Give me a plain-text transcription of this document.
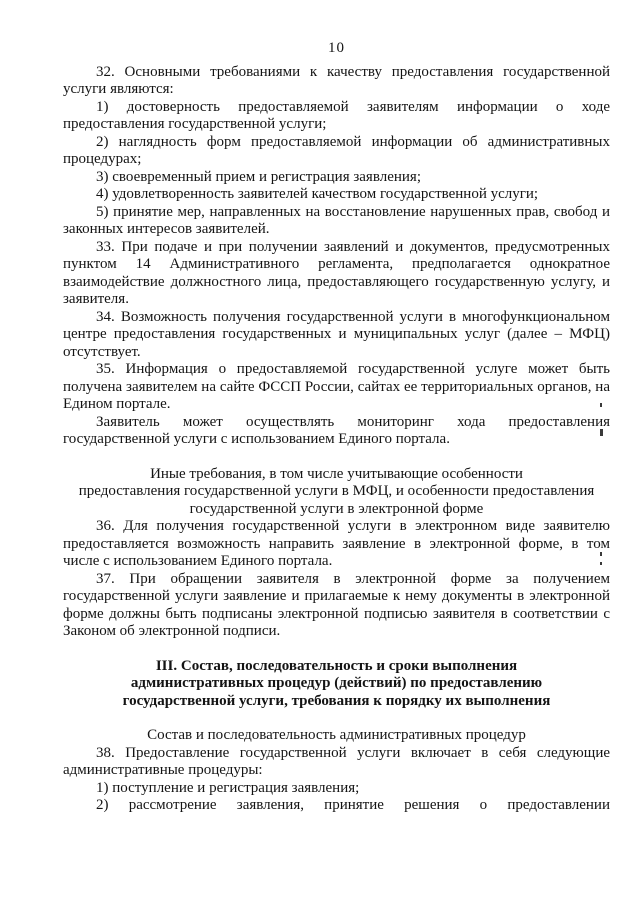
10

32. Основными требованиями к качеству предоставления государственной услуги являются:

1) достоверность предоставляемой заявителям информации о ходе предоставления государственной услуги;

2) наглядность форм предоставляемой информации об административных процедурах;

3) своевременный прием и регистрация заявления;

4) удовлетворенность заявителей качеством государственной услуги;

5) принятие мер, направленных на восстановление нарушенных прав, свобод и законных интересов заявителей.

33. При подаче и при получении заявлений и документов, предусмотренных пунктом 14 Административного регламента, предполагается однократное взаимодействие должностного лица, предоставляющего государственную услугу, и заявителя.

34. Возможность получения государственной услуги в многофункциональном центре предоставления государственных и муниципальных услуг (далее – МФЦ) отсутствует.

35. Информация о предоставляемой государственной услуге может быть получена заявителем на сайте ФССП России, сайтах ее территориальных органов, на Едином портале.

Заявитель может осуществлять мониторинг хода предоставления государственной услуги с использованием Единого портала.

Иные требования, в том числе учитывающие особенности
предоставления государственной услуги в МФЦ, и особенности предоставления
государственной услуги в электронной форме

36. Для получения государственной услуги в электронном виде заявителю предоставляется возможность направить заявление в электронной форме, в том числе с использованием Единого портала.

37. При обращении заявителя в электронной форме за получением государственной услуги заявление и прилагаемые к нему документы в электронной форме должны быть подписаны электронной подписью заявителя в соответствии с Законом об электронной подписи.

III. Состав, последовательность и сроки выполнения
административных процедур (действий) по предоставлению
государственной услуги, требования к порядку их выполнения
Состав и последовательность административных процедур

38. Предоставление государственной услуги включает в себя следующие административные процедуры:

1) поступление и регистрация заявления;

2) рассмотрение заявления, принятие решения о предоставлении
